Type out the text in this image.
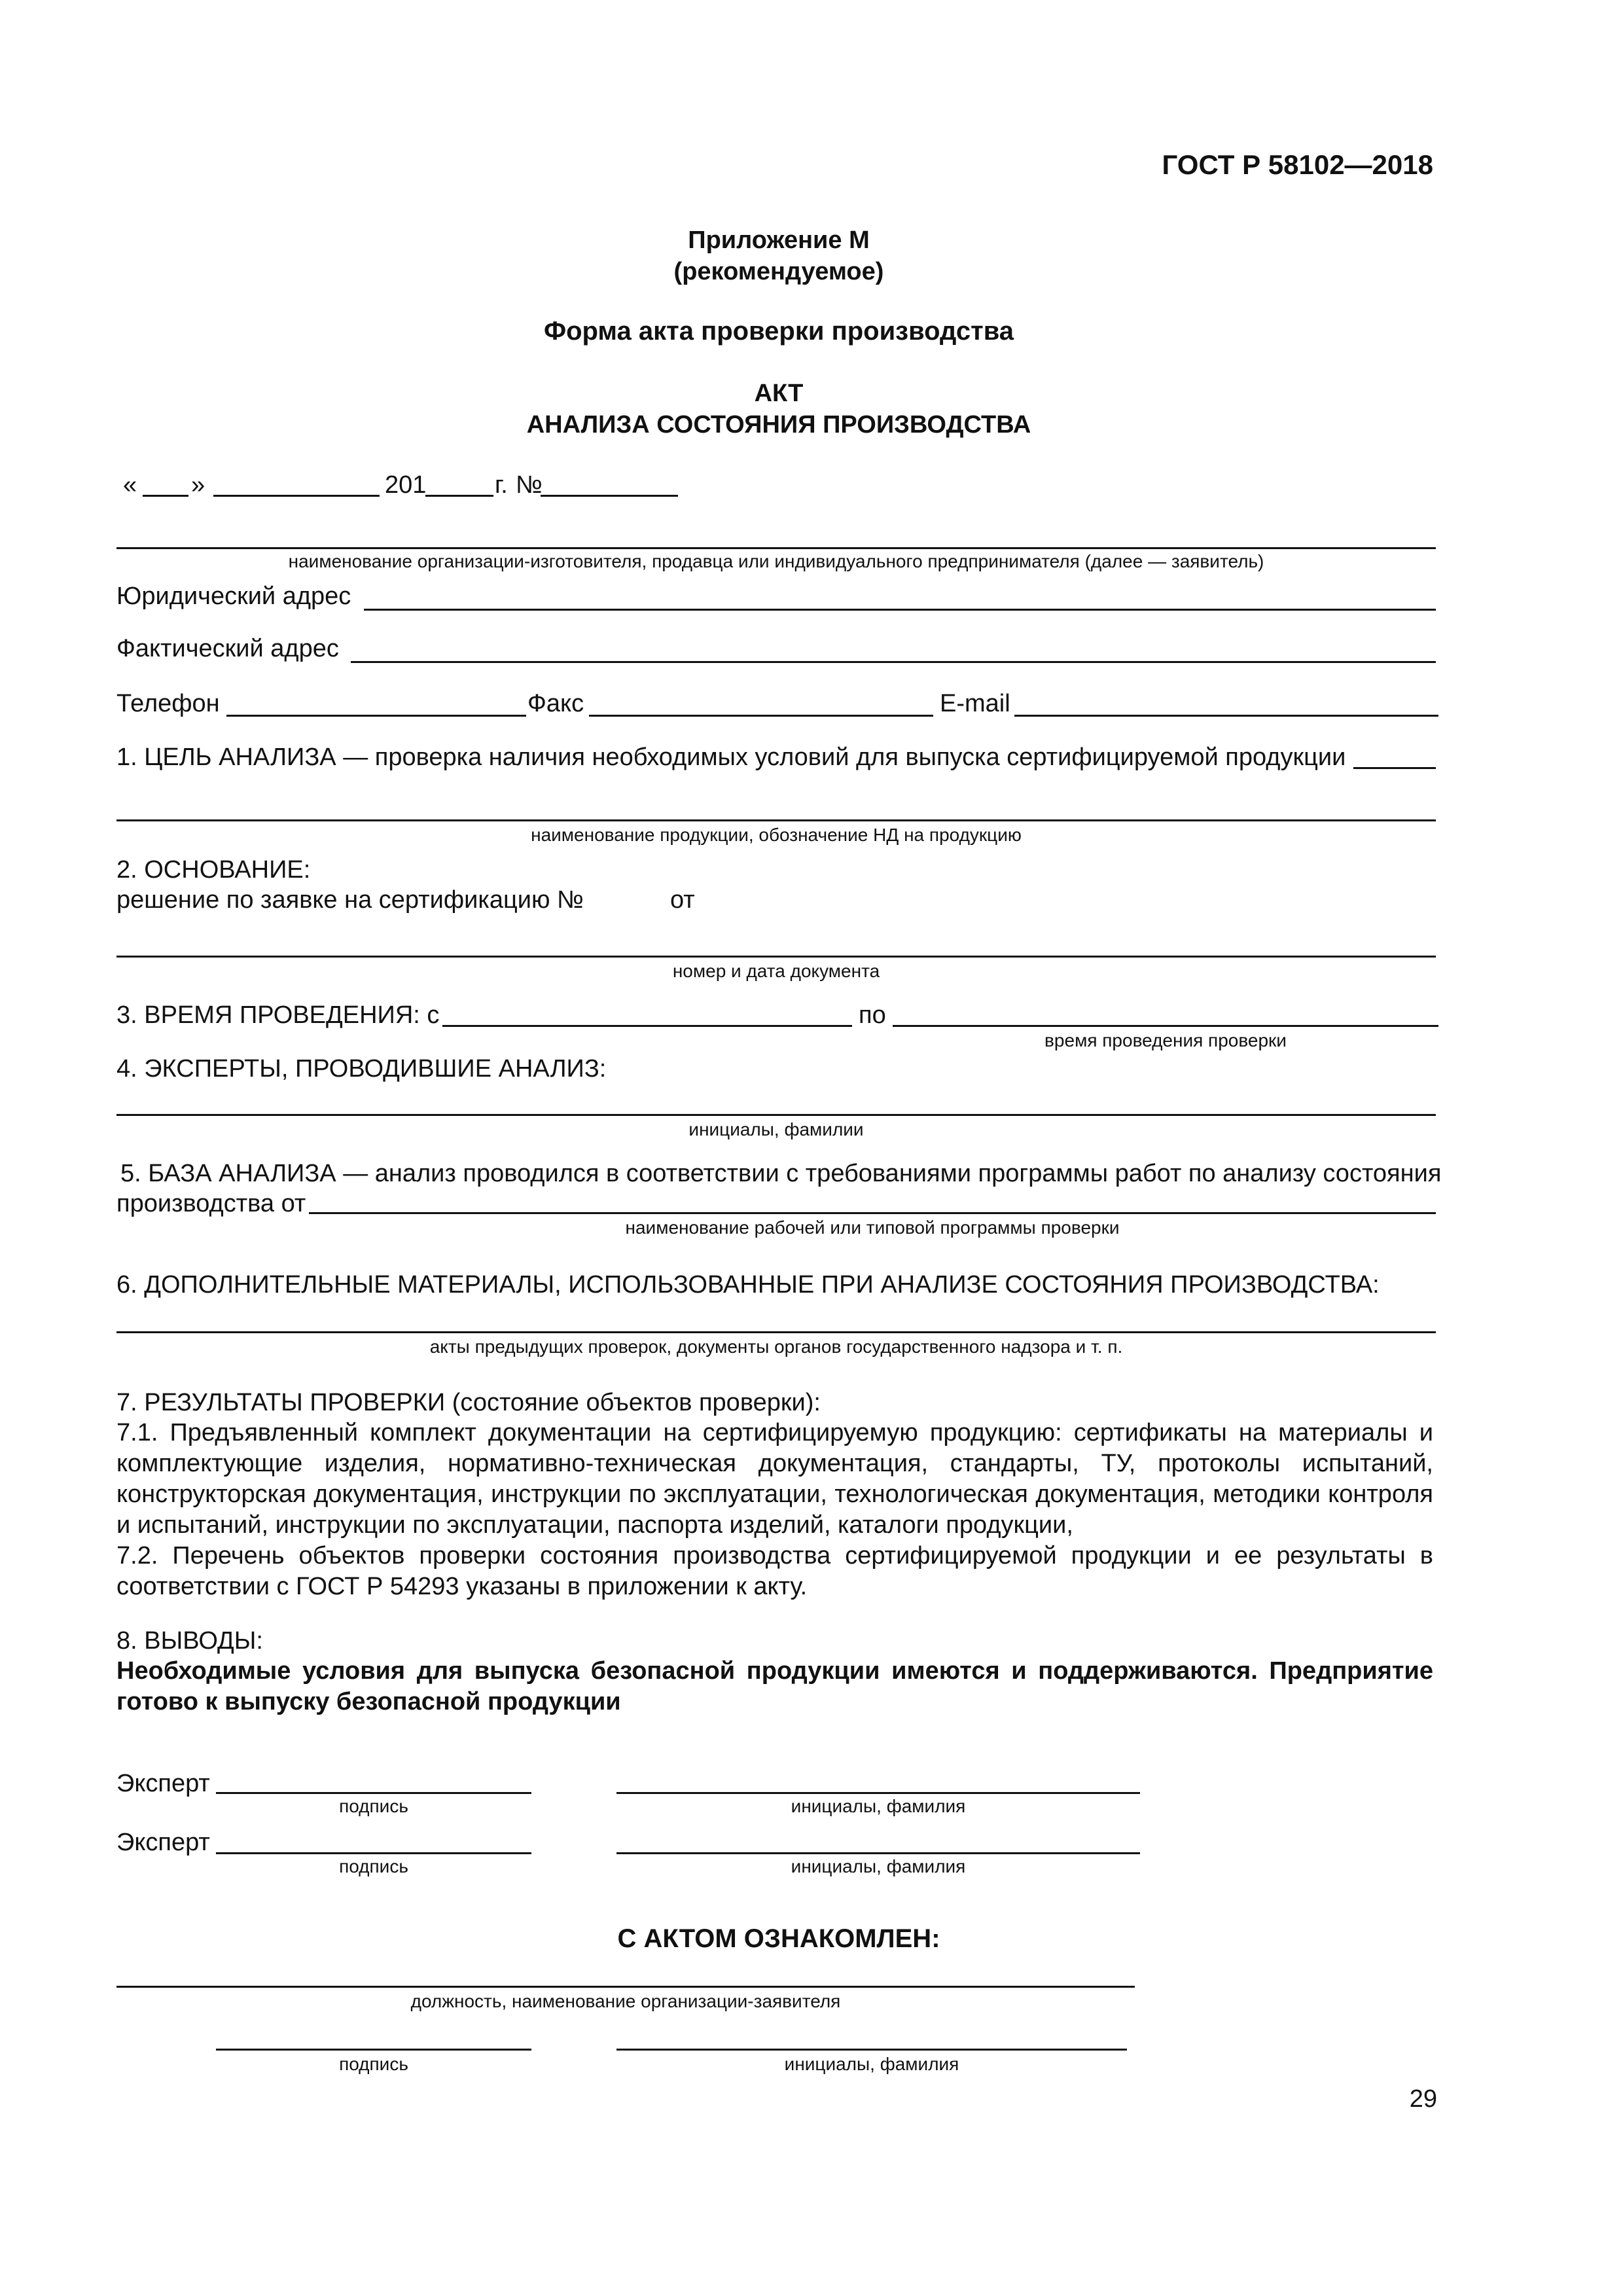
ГОСТ Р 58102—2018
Приложение М
(рекомендуемое)
Форма акта проверки производства
АКТ
АНАЛИЗА СОСТОЯНИЯ ПРОИЗВОДСТВА
« »	201	г. №
наименование организации-изготовителя, продавца или индивидуального предпринимателя (далее — заявитель)
Юридический адрес
Фактический адрес
Телефон	Факс	E-mail
1. ЦЕЛЬ АНАЛИЗА — проверка наличия необходимых условий для выпуска сертифицируемой продукции
наименование продукции, обозначение НД на продукцию
2. ОСНОВАНИЕ:
решение по заявке на сертификацию №	от
номер и дата документа
3. ВРЕМЯ ПРОВЕДЕНИЯ: с	по
время проведения проверки
4. ЭКСПЕРТЫ, ПРОВОДИВШИЕ АНАЛИЗ:
инициалы, фамилии
5. БАЗА АНАЛИЗА — анализ проводился в соответствии с требованиями программы работ по анализу состояния
производства от
наименование рабочей или типовой программы проверки
6. ДОПОЛНИТЕЛЬНЫЕ МАТЕРИАЛЫ, ИСПОЛЬЗОВАННЫЕ ПРИ АНАЛИЗЕ СОСТОЯНИЯ ПРОИЗВОДСТВА:
акты предыдущих проверок, документы органов государственного надзора и т. п.
7. РЕЗУЛЬТАТЫ ПРОВЕРКИ (состояние объектов проверки):
7.1. Предъявленный комплект документации на сертифицируемую продукцию: сертификаты на материалы и комплектующие изделия, нормативно-техническая документация, стандарты, ТУ, протоколы испытаний, конструкторская документация, инструкции по эксплуатации, технологическая документация, методики контроля и испытаний, инструкции по эксплуатации, паспорта изделий, каталоги продукции,
7.2. Перечень объектов проверки состояния производства сертифицируемой продукции и ее результаты в соответствии с ГОСТ Р 54293 указаны в приложении к акту.
8. ВЫВОДЫ:
Необходимые условия для выпуска безопасной продукции имеются и поддерживаются. Предприятие готово к выпуску безопасной продукции
Эксперт
подпись	инициалы, фамилия
Эксперт
подпись	инициалы, фамилия
С АКТОМ ОЗНАКОМЛЕН:
должность, наименование организации-заявителя
подпись	инициалы, фамилия
29
